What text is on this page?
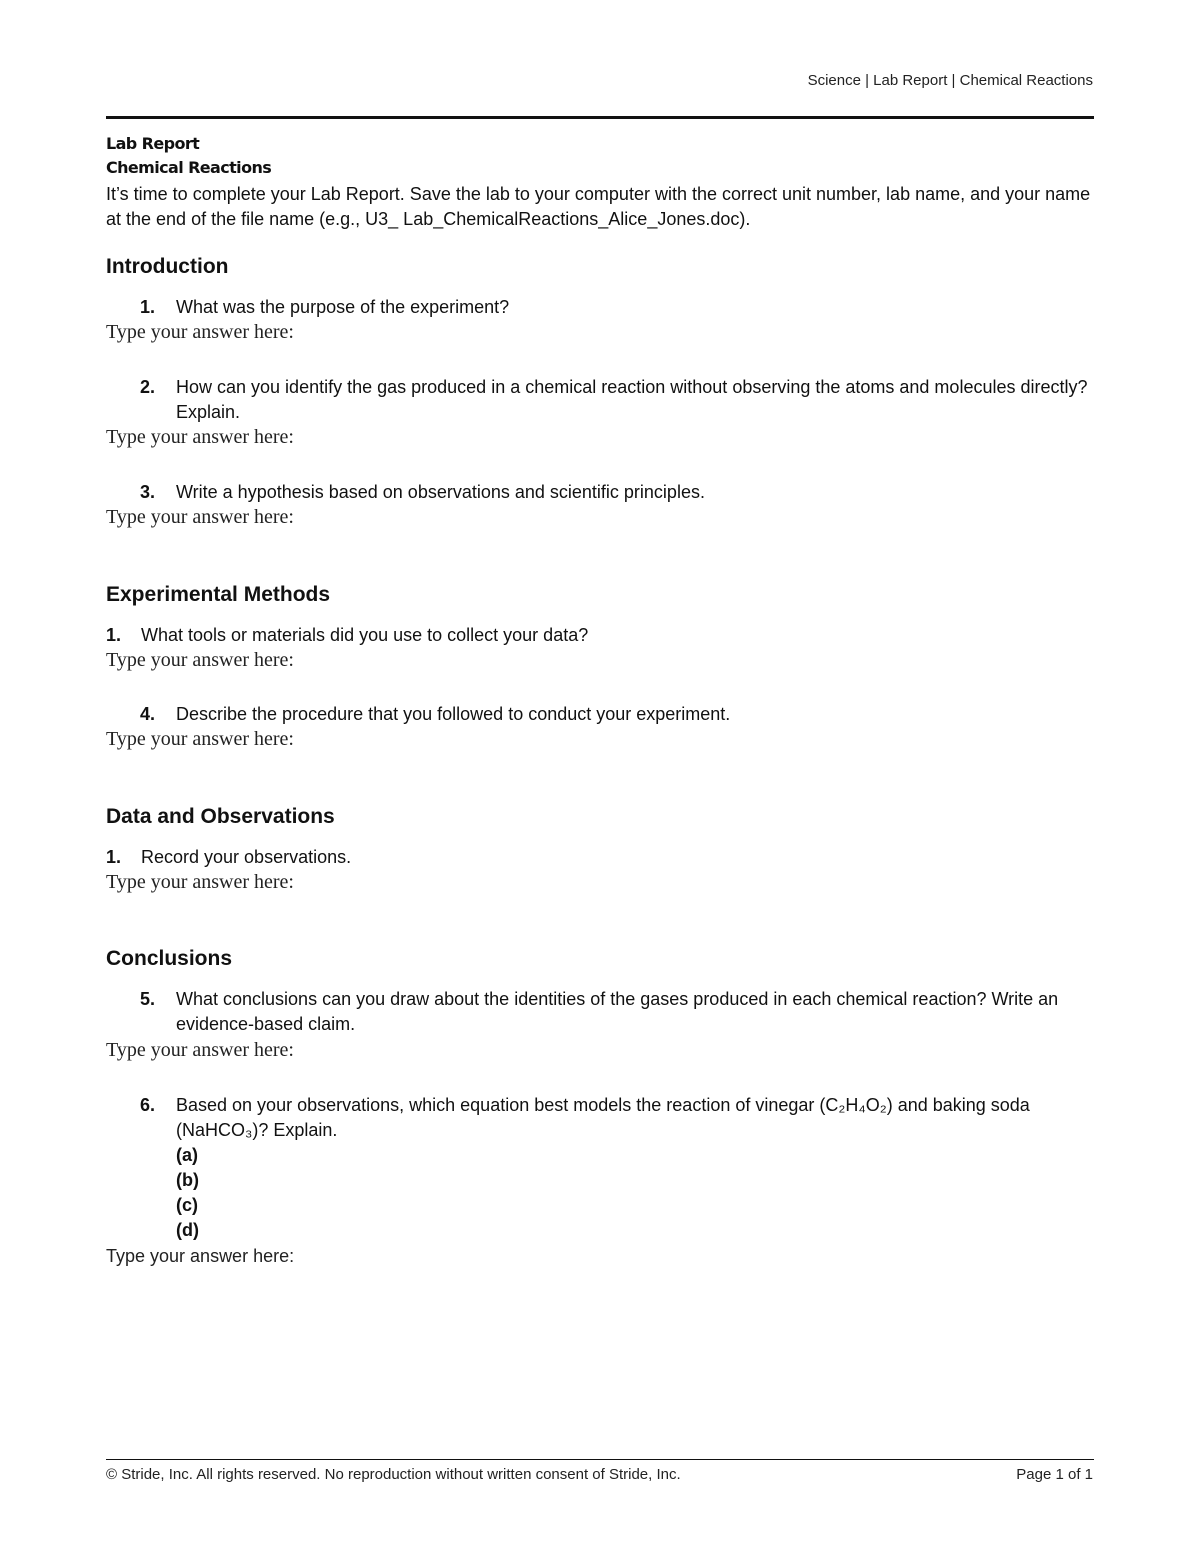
Science | Lab Report | Chemical Reactions
Lab Report
Chemical Reactions
It’s time to complete your Lab Report. Save the lab to your computer with the correct unit number, lab name, and your name at the end of the file name (e.g., U3_ Lab_ChemicalReactions_Alice_Jones.doc).
Introduction
1. What was the purpose of the experiment?
Type your answer here:
2. How can you identify the gas produced in a chemical reaction without observing the atoms and molecules directly? Explain.
Type your answer here:
3. Write a hypothesis based on observations and scientific principles.
Type your answer here:
Experimental Methods
1. What tools or materials did you use to collect your data?
Type your answer here:
4. Describe the procedure that you followed to conduct your experiment.
Type your answer here:
Data and Observations
1. Record your observations.
Type your answer here:
Conclusions
5. What conclusions can you draw about the identities of the gases produced in each chemical reaction? Write an evidence-based claim.
Type your answer here:
6. Based on your observations, which equation best models the reaction of vinegar (C₂H₄O₂) and baking soda (NaHCO₃)? Explain.
(a)
(b)
(c)
(d)
Type your answer here:
© Stride, Inc. All rights reserved. No reproduction without written consent of Stride, Inc.	Page 1 of 1
